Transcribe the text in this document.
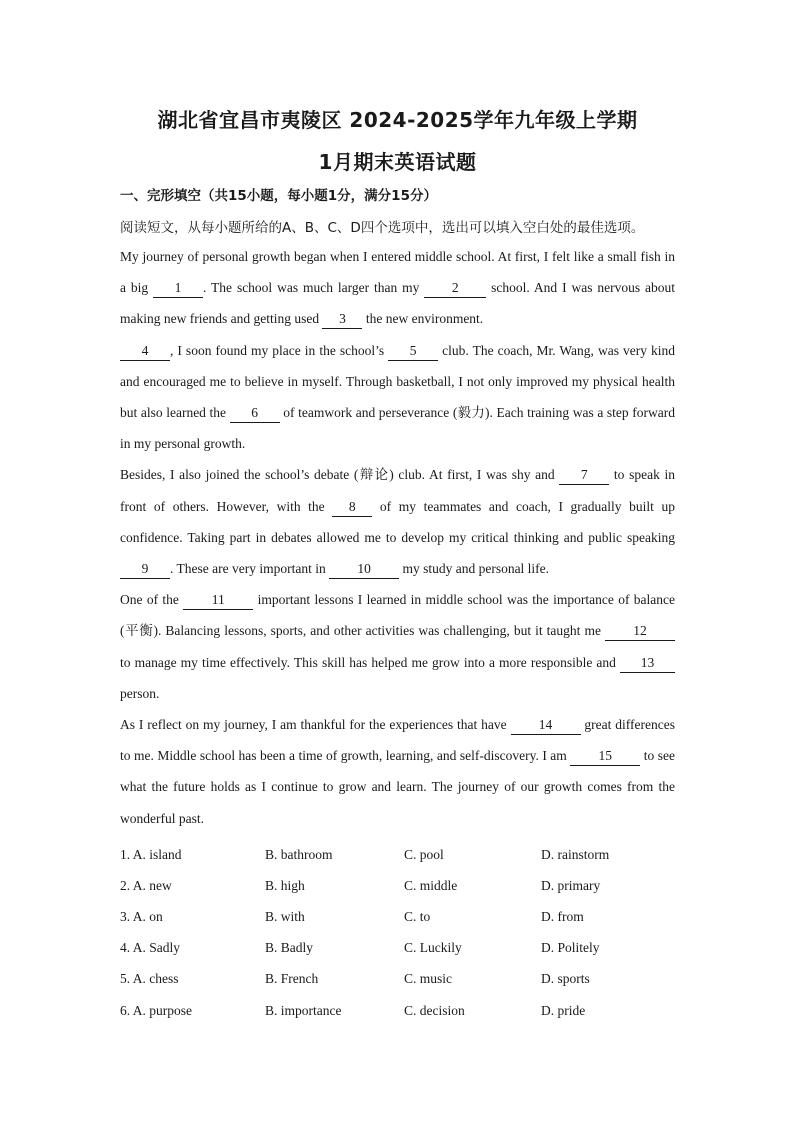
湖北省宜昌市夷陵区 2024-2025学年九年级上学期
1月期末英语试题
一、完形填空（共15小题，每小题1分，满分15分）
阅读短文，从每小题所给的A、B、C、D四个选项中，选出可以填入空白处的最佳选项。

My journey of personal growth began when I entered middle school. At first, I felt like a small fish in a big 1 . The school was much larger than my 2 school. And I was nervous about making new friends and getting used 3 the new environment.

4 , I soon found my place in the school’s 5 club. The coach, Mr. Wang, was very kind and encouraged me to believe in myself. Through basketball, I not only improved my physical health but also learned the 6 of teamwork and perseverance (毅力). Each training was a step forward in my personal growth.

Besides, I also joined the school’s debate (辩论) club. At first, I was shy and 7 to speak in front of others. However, with the 8 of my teammates and coach, I gradually built up confidence. Taking part in debates allowed me to develop my critical thinking and public speaking 9 . These are very important in 10 my study and personal life.

One of the 11 important lessons I learned in middle school was the importance of balance (平衡). Balancing lessons, sports, and other activities was challenging, but it taught me 12 to manage my time effectively. This skill has helped me grow into a more responsible and 13 person.

As I reflect on my journey, I am thankful for the experiences that have 14 great differences to me. Middle school has been a time of growth, learning, and self-discovery. I am 15 to see what the future holds as I continue to grow and learn. The journey of our growth comes from the wonderful past.

1. A. island	B. bathroom	C. pool	D. rainstorm
2. A. new	B. high	C. middle	D. primary
3. A. on	B. with	C. to	D. from
4. A. Sadly	B. Badly	C. Luckily	D. Politely
5. A. chess	B. French	C. music	D. sports
6. A. purpose	B. importance	C. decision	D. pride
